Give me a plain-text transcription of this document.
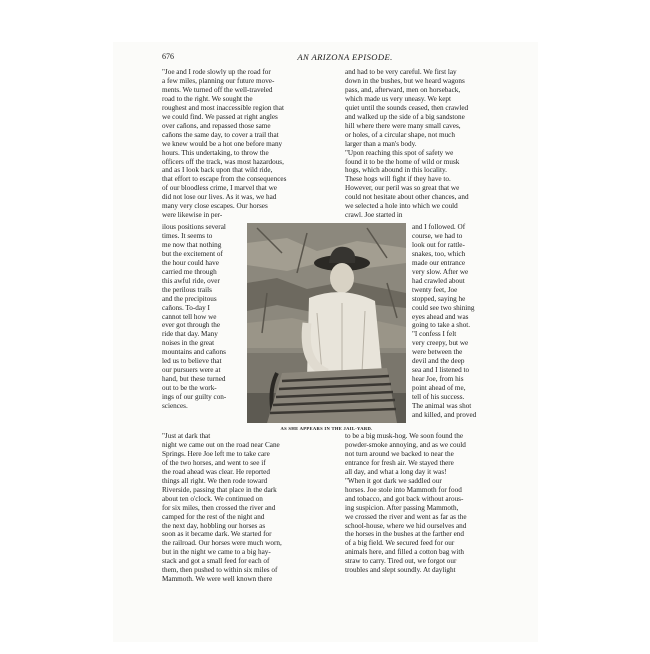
676	AN ARIZONA EPISODE.
"Joe and I rode slowly up the road for
a few miles, planning our future move-
ments. We turned off the well-traveled
road to the right. We sought the
roughest and most inaccessible region that
we could find. We passed at right angles
over cañons, and repassed those same
cañons the same day, to cover a trail that
we knew would be a hot one before many
hours. This undertaking, to throw the
officers off the track, was most hazardous,
and as I look back upon that wild ride,
that effort to escape from the consequences
of our bloodless crime, I marvel that we
did not lose our lives. As it was, we had
many very close escapes. Our horses
were likewise in per-
ilous positions several
times. It seems to
me now that nothing
but the excitement of
the hour could have
carried me through
this awful ride, over
the perilous trails
and the precipitous
cañons. To-day I
cannot tell how we
ever got through the
ride that day. Many
noises in the great
mountains and cañons
led us to believe that
our pursuers were at
hand, but these turned
out to be the work-
ings of our guilty con-
sciences.
AS SHE APPEARS IN THE JAIL-YARD.
"Just at dark that
night we came out on the road near Cane
Springs. Here Joe left me to take care
of the two horses, and went to see if
the road ahead was clear. He reported
things all right. We then rode toward
Riverside, passing that place in the dark
about ten o'clock. We continued on
for six miles, then crossed the river and
camped for the rest of the night and
the next day, hobbling our horses as
soon as it became dark. We started for
the railroad. Our horses were much worn,
but in the night we came to a big hay-
stack and got a small feed for each of
them, then pushed to within six miles of
Mammoth. We were well known there
and had to be very careful. We first lay
down in the bushes, but we heard wagons
pass, and, afterward, men on horseback,
which made us very uneasy. We kept
quiet until the sounds ceased, then crawled
and walked up the side of a big sandstone
hill where there were many small caves,
or holes, of a circular shape, not much
larger than a man's body.
"Upon reaching this spot of safety we
found it to be the home of wild or musk
hogs, which abound in this locality.
These hogs will fight if they have to.
However, our peril was so great that we
could not hesitate about other chances, and
we selected a hole into which we could
crawl. Joe started in
and I followed. Of
course, we had to
look out for rattle-
snakes, too, which
made our entrance
very slow. After we
had crawled about
twenty feet, Joe
stopped, saying he
could see two shining
eyes ahead and was
going to take a shot.
"I confess I felt
very creepy, but we
were between the
devil and the deep
sea and I listened to
hear Joe, from his
point ahead of me,
tell of his success.
The animal was shot
and killed, and proved
to be a big musk-hog. We soon found the
powder-smoke annoying, and as we could
not turn around we backed to near the
entrance for fresh air. We stayed there
all day, and what a long day it was!
"When it got dark we saddled our
horses. Joe stole into Mammoth for food
and tobacco, and got back without arous-
ing suspicion. After passing Mammoth,
we crossed the river and went as far as the
school-house, where we hid ourselves and
the horses in the bushes at the farther end
of a big field. We secured feed for our
animals here, and filled a cotton bag with
straw to carry. Tired out, we forgot our
troubles and slept soundly. At daylight
